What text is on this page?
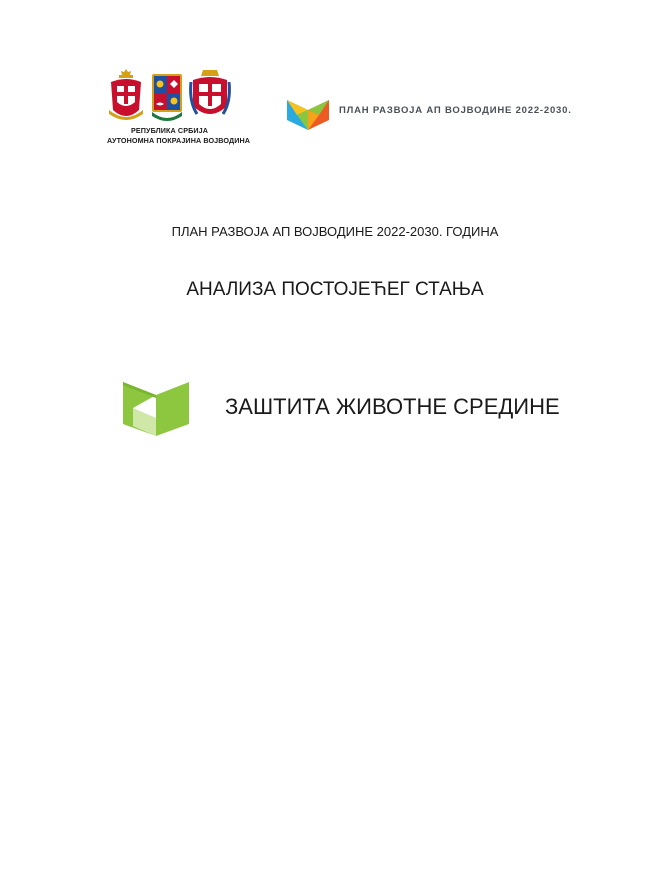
РЕПУБЛИКА СРБИЈА
АУТОНОМНА ПОКРАЈИНА ВОЈВОДИНА
ПЛАН РАЗВОЈА АП ВОЈВОДИНЕ 2022-2030.
ПЛАН РАЗВОЈА АП ВОЈВОДИНЕ 2022-2030. ГОДИНА
АНАЛИЗА ПОСТОЈЕЋЕГ СТАЊА
ЗАШТИТА ЖИВОТНЕ СРЕДИНЕ
